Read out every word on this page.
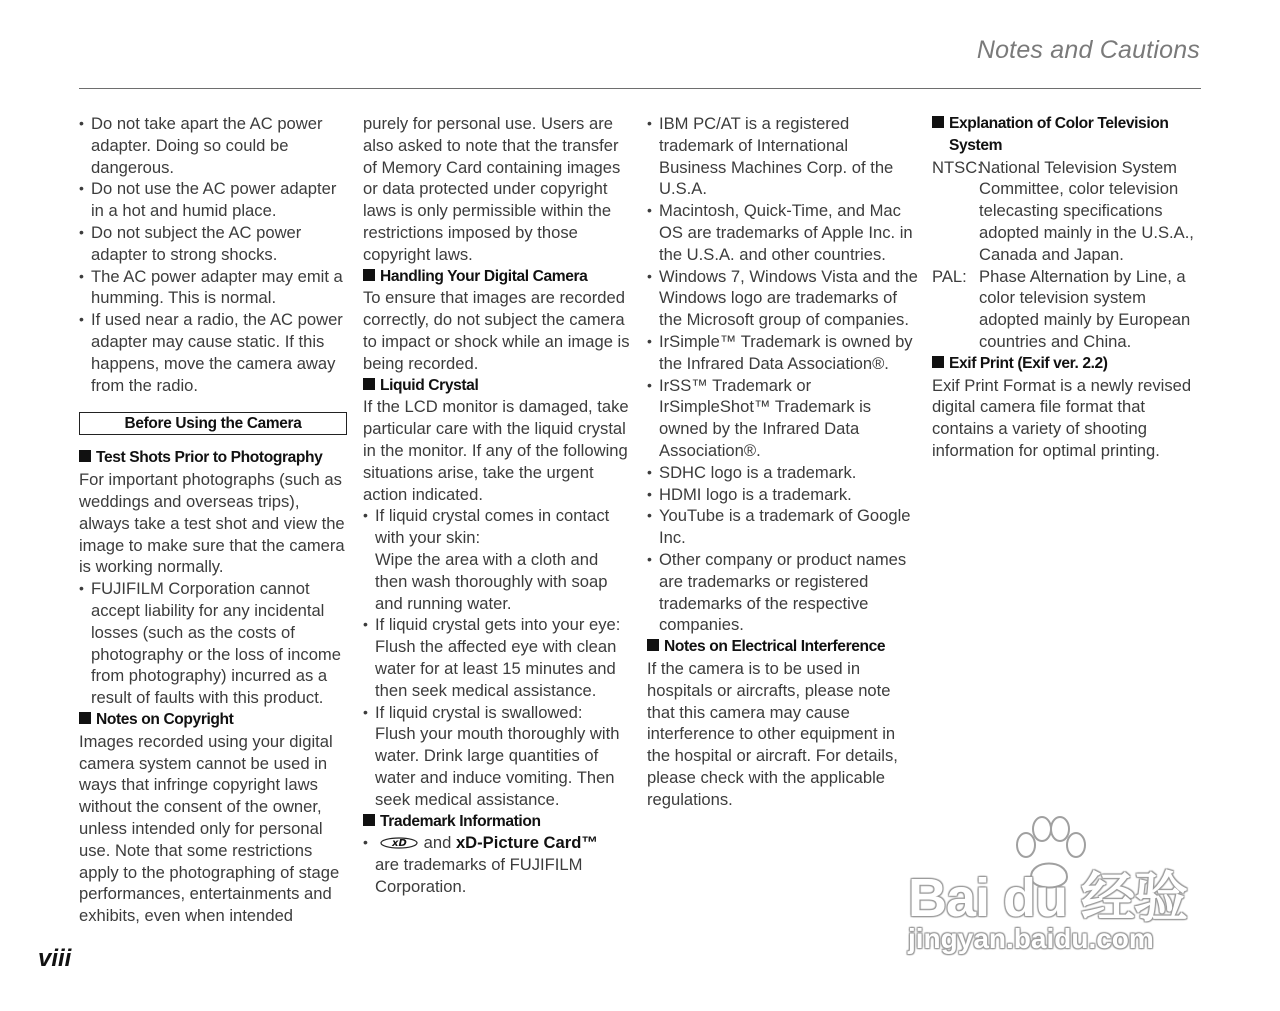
Notes and Cautions

• Do not take apart the AC power adapter. Doing so could be dangerous.

• Do not use the AC power adapter in a hot and humid place.

• Do not subject the AC power adapter to strong shocks.

• The AC power adapter may emit a humming. This is normal.

• If used near a radio, the AC power adapter may cause static. If this happens, move the camera away from the radio.

Before Using the Camera

Test Shots Prior to Photography

For important photographs (such as weddings and overseas trips), always take a test shot and view the image to make sure that the camera is working normally.

• FUJIFILM Corporation cannot accept liability for any incidental losses (such as the costs of photography or the loss of income from photography) incurred as a result of faults with this product.

Notes on Copyright

Images recorded using your digital camera system cannot be used in ways that infringe copyright laws without the consent of the owner, unless intended only for personal use. Note that some restrictions apply to the photographing of stage performances, entertainments and exhibits, even when intended

purely for personal use. Users are also asked to note that the transfer of Memory Card containing images or data protected under copyright laws is only permissible within the restrictions imposed by those copyright laws.

Handling Your Digital Camera

To ensure that images are recorded correctly, do not subject the camera to impact or shock while an image is being recorded.

Liquid Crystal

If the LCD monitor is damaged, take particular care with the liquid crystal in the monitor. If any of the following situations arise, take the urgent action indicated.

• If liquid crystal comes in contact with your skin:
Wipe the area with a cloth and then wash thoroughly with soap and running water.
• If liquid crystal gets into your eye:
Flush the affected eye with clean water for at least 15 minutes and then seek medical assistance.
• If liquid crystal is swallowed:
Flush your mouth thoroughly with water. Drink large quantities of water and induce vomiting. Then seek medical assistance.

Trademark Information

• xD and xD-Picture Card™
are trademarks of FUJIFILM Corporation.

• IBM PC/AT is a registered trademark of International Business Machines Corp. of the U.S.A.

• Macintosh, Quick-Time, and Mac OS are trademarks of Apple Inc. in the U.S.A. and other countries.

• Windows 7, Windows Vista and the Windows logo are trademarks of the Microsoft group of companies.

• IrSimple™ Trademark is owned by the Infrared Data Association®.

• IrSS™ Trademark or IrSimpleShot™ Trademark is owned by the Infrared Data Association®.

• SDHC logo is a trademark.

• HDMI logo is a trademark.

• YouTube is a trademark of Google Inc.

• Other company or product names are trademarks or registered trademarks of the respective companies.

Notes on Electrical Interference

If the camera is to be used in hospitals or aircrafts, please note that this camera may cause interference to other equipment in the hospital or aircraft. For details, please check with the applicable regulations.

Explanation of Color Television

System

NTSC:
National Television System Committee, color television telecasting specifications adopted mainly in the U.S.A., Canada and Japan.
PAL: Phase Alternation by Line, a color television system adopted mainly by European countries and China.

Exif Print (Exif ver. 2.2)

Exif Print Format is a newly revised digital camera file format that contains a variety of shooting information for optimal printing.

viii
Bai du 经验
jingyan.baidu.com
